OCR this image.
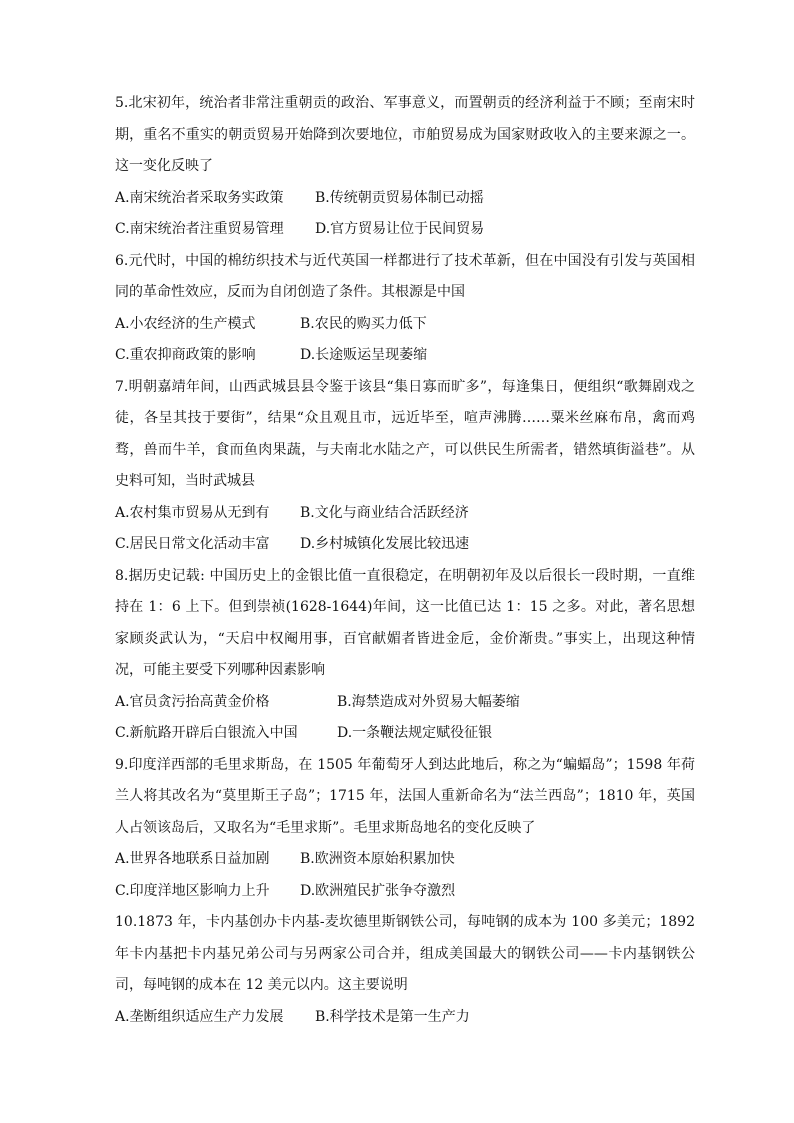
5.北宋初年，统治者非常注重朝贡的政治、军事意义，而置朝贡的经济利益于不顾；至南宋时期，重名不重实的朝贡贸易开始降到次要地位，市舶贸易成为国家财政收入的主要来源之一。这一变化反映了

A.南宋统治者采取务实政策	B.传统朝贡贸易体制已动摇
C.南宋统治者注重贸易管理	D.官方贸易让位于民间贸易

6.元代时，中国的棉纺织技术与近代英国一样都进行了技术革新，但在中国没有引发与英国相同的革命性效应，反而为自闭创造了条件。其根源是中国

A.小农经济的生产模式	B.农民的购买力低下
C.重农抑商政策的影响	D.长途贩运呈现萎缩

7.明朝嘉靖年间，山西武城县县令鉴于该县“集日寡而旷多”，每逢集日，便组织“歌舞剧戏之徒，各呈其技于要街”，结果“众且观且市，远近毕至，喧声沸腾……粟米丝麻布帛，禽而鸡骛，兽而牛羊，食而鱼肉果蔬，与夫南北水陆之产，可以供民生所需者，错然填街溢巷”。从史料可知，当时武城县

A.农村集市贸易从无到有	B.文化与商业结合活跃经济
C.居民日常文化活动丰富	D.乡村城镇化发展比较迅速

8.据历史记载: 中国历史上的金银比值一直很稳定，在明朝初年及以后很长一段时期，一直维持在 1：6 上下。但到崇祯(1628-1644)年间，这一比值已达 1：15 之多。对此，著名思想家顾炎武认为，“天启中权阉用事，百官献媚者皆进金卮，金价渐贵。”事实上，出现这种情况，可能主要受下列哪种因素影响

A.官员贪污抬高黄金价格	B.海禁造成对外贸易大幅萎缩
C.新航路开辟后白银流入中国	D.一条鞭法规定赋役征银

9.印度洋西部的毛里求斯岛，在 1505 年葡萄牙人到达此地后，称之为“蝙蝠岛”；1598 年荷兰人将其改名为“莫里斯王子岛”；1715 年，法国人重新命名为“法兰西岛”；1810 年，英国人占领该岛后，又取名为“毛里求斯”。毛里求斯岛地名的变化反映了

A.世界各地联系日益加剧	B.欧洲资本原始积累加快
C.印度洋地区影响力上升	D.欧洲殖民扩张争夺激烈

10.1873 年，卡内基创办卡内基-麦坎德里斯钢铁公司，每吨钢的成本为 100 多美元；1892 年卡内基把卡内基兄弟公司与另两家公司合并，组成美国最大的钢铁公司——卡内基钢铁公司，每吨钢的成本在 12 美元以内。这主要说明

A.垄断组织适应生产力发展	B.科学技术是第一生产力
